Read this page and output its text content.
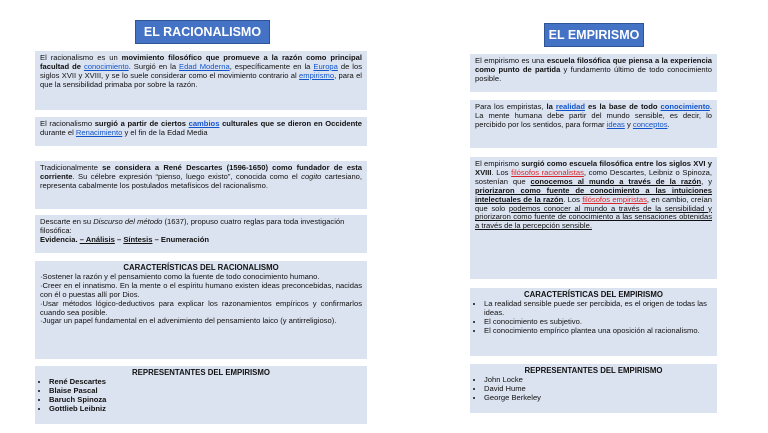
EL RACIONALISMO
El racionalismo es un movimiento filosófico que promueve a la razón como principal facultad de conocimiento. Surgió en la Edad Moderna, específicamente en la Europa de los siglos XVII y XVIII, y se lo suele considerar como el movimiento contrario al empirismo, para el que la sensibilidad primaba por sobre la razón.
El racionalismo surgió a partir de ciertos cambios culturales que se dieron en Occidente durante el Renacimiento y el fin de la Edad Media
Tradicionalmente se considera a René Descartes (1596-1650) como fundador de esta corriente. Su célebre expresión “pienso, luego existo”, conocida como el cogito cartesiano, representa cabalmente los postulados metafísicos del racionalismo.
Descarte en su Discurso del método (1637), propuso cuatro reglas para toda investigación filosófica:
Evidencia. – Análisis – Síntesis – Enumeración
CARACTERÍSTICAS DEL RACIONALISMO
·Sostener la razón y el pensamiento como la fuente de todo conocimiento humano.
·Creer en el innatismo. En la mente o el espíritu humano existen ideas preconcebidas, nacidas con él o puestas allí por Dios.
·Usar métodos lógico-deductivos para explicar los razonamientos empíricos y confirmarlos cuando sea posible.
·Jugar un papel fundamental en el advenimiento del pensamiento laico (y antirreligioso).
REPRESENTANTES DEL EMPIRISMO
• René Descartes
• Blaise Pascal
• Baruch Spinoza
• Gottlieb Leibniz
EL EMPIRISMO
El empirismo es una escuela filosófica que piensa a la experiencia como punto de partida y fundamento último de todo conocimiento posible.
Para los empiristas, la realidad es la base de todo conocimiento. La mente humana debe partir del mundo sensible, es decir, lo percibido por los sentidos, para formar ideas y conceptos.
El empirismo surgió como escuela filosófica entre los siglos XVI y XVIII. Los filósofos racionalistas, como Descartes, Leibniz o Spinoza, sostenían que conocemos al mundo a través de la razón, y priorizaron como fuente de conocimiento a las intuiciones intelectuales de la razón. Los filósofos empiristas, en cambio, creían que solo podemos conocer al mundo a través de la sensibilidad y priorizaron como fuente de conocimiento a las sensaciones obtenidas a través de la percepción sensible.
CARACTERÍSTICAS DEL EMPIRISMO
• La realidad sensible puede ser percibida, es el origen de todas las ideas.
• El conocimiento es subjetivo.
• El conocimiento empírico plantea una oposición al racionalismo.
REPRESENTANTES DEL EMPIRISMO
• John Locke
• David Hume
• George Berkeley
